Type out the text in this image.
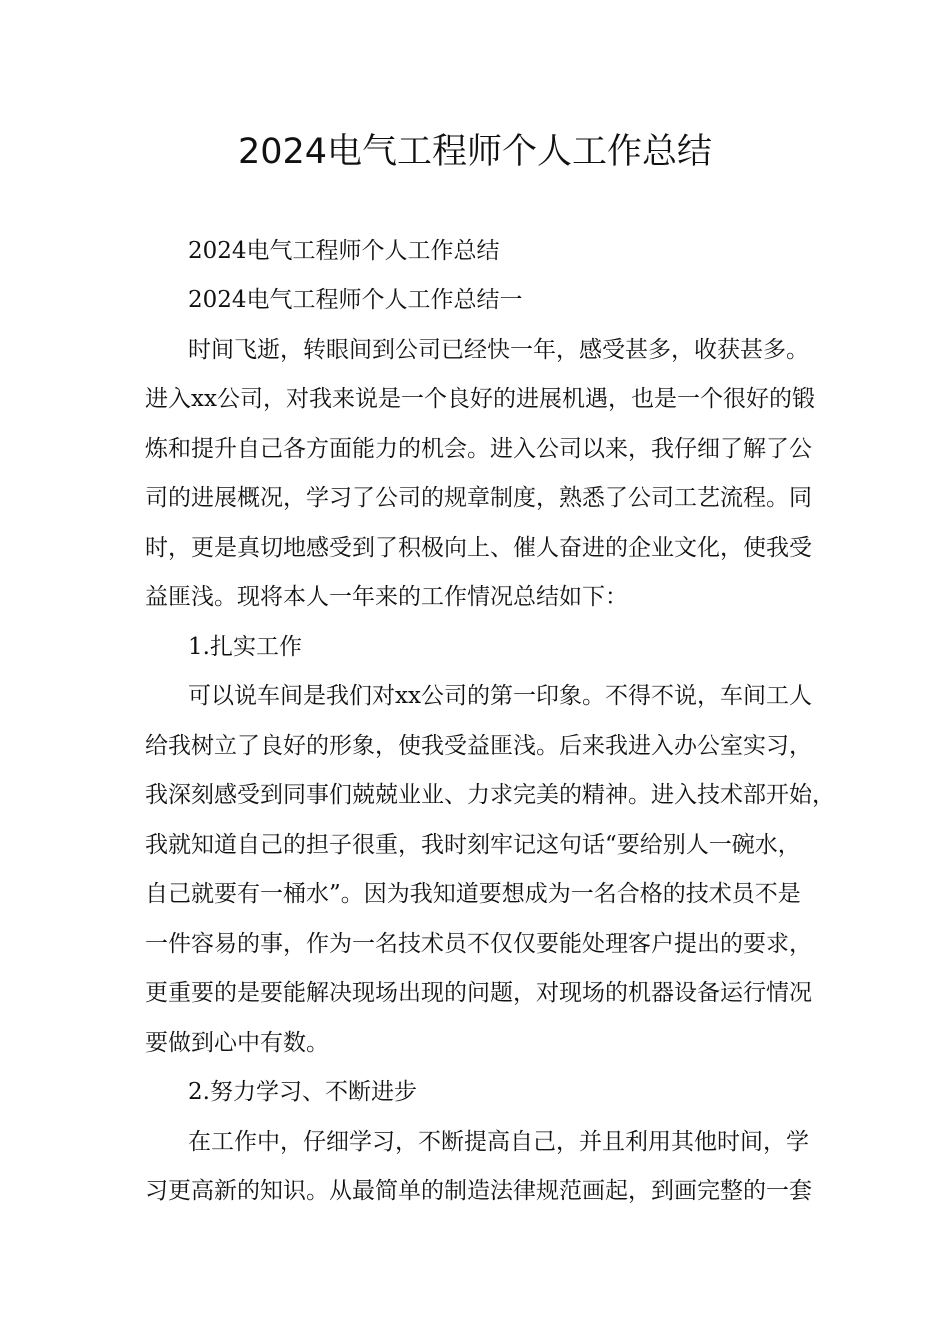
2024电气工程师个人工作总结
2024电气工程师个人工作总结
2024电气工程师个人工作总结一
时间飞逝，转眼间到公司已经快一年，感受甚多，收获甚多。
进入xx公司，对我来说是一个良好的进展机遇，也是一个很好的锻
炼和提升自己各方面能力的机会。进入公司以来，我仔细了解了公
司的进展概况，学习了公司的规章制度，熟悉了公司工艺流程。同
时，更是真切地感受到了积极向上、催人奋进的企业文化，使我受
益匪浅。现将本人一年来的工作情况总结如下：
1.扎实工作
可以说车间是我们对xx公司的第一印象。不得不说，车间工人
给我树立了良好的形象，使我受益匪浅。后来我进入办公室实习，
我深刻感受到同事们兢兢业业、力求完美的精神。进入技术部开始，
我就知道自己的担子很重，我时刻牢记这句话“要给别人一碗水，
自己就要有一桶水”。因为我知道要想成为一名合格的技术员不是
一件容易的事，作为一名技术员不仅仅要能处理客户提出的要求，
更重要的是要能解决现场出现的问题，对现场的机器设备运行情况
要做到心中有数。
2.努力学习、不断进步
在工作中，仔细学习，不断提高自己，并且利用其他时间，学
习更高新的知识。从最简单的制造法律规范画起，到画完整的一套
